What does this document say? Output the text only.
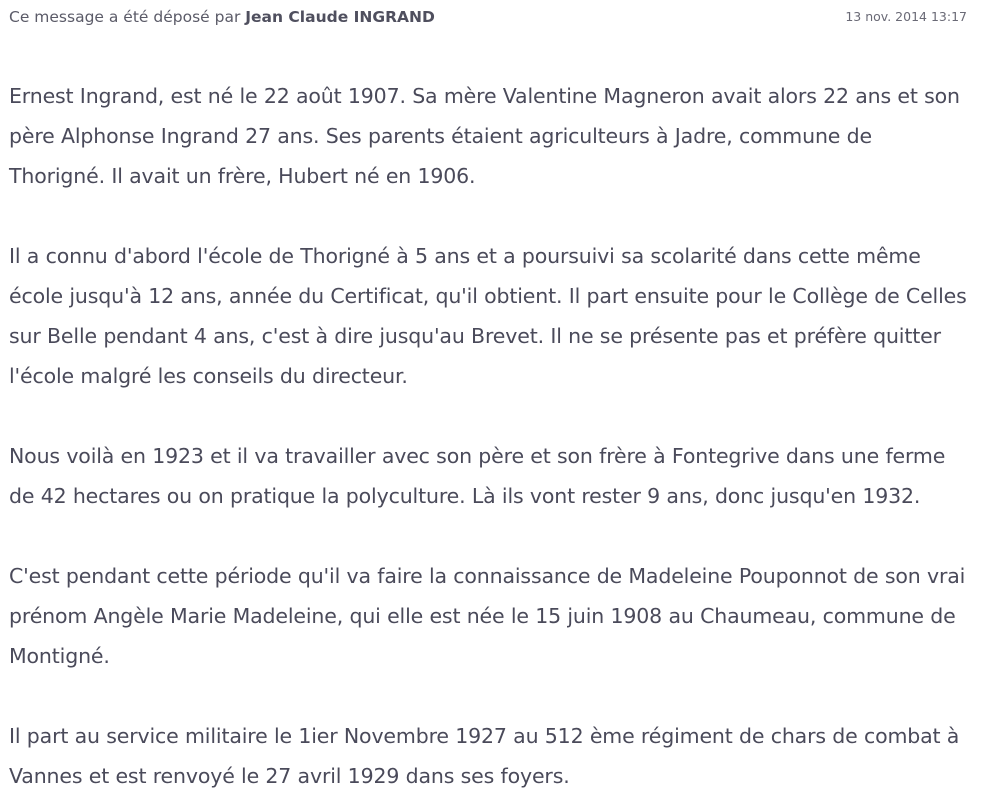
Ce message a été déposé par Jean Claude INGRAND	13 nov. 2014 13:17

Ernest Ingrand, est né le 22 août 1907. Sa mère Valentine Magneron avait alors 22 ans et son père Alphonse Ingrand 27 ans. Ses parents étaient agriculteurs à Jadre, commune de Thorigné. Il avait un frère, Hubert né en 1906.

Il a connu d'abord l'école de Thorigné à 5 ans et a poursuivi sa scolarité dans cette même école jusqu'à 12 ans, année du Certificat, qu'il obtient. Il part ensuite pour le Collège de Celles sur Belle pendant 4 ans, c'est à dire jusqu'au Brevet. Il ne se présente pas et préfère quitter l'école malgré les conseils du directeur.

Nous voilà en 1923 et il va travailler avec son père et son frère à Fontegrive dans une ferme de 42 hectares ou on pratique la polyculture. Là ils vont rester 9 ans, donc jusqu'en 1932.

C'est pendant cette période qu'il va faire la connaissance de Madeleine Pouponnot de son vrai prénom Angèle Marie Madeleine, qui elle est née le 15 juin 1908 au Chaumeau, commune de Montigné.

Il part au service militaire le 1ier Novembre 1927 au 512 ème régiment de chars de combat à Vannes et est renvoyé le 27 avril 1929 dans ses foyers.
